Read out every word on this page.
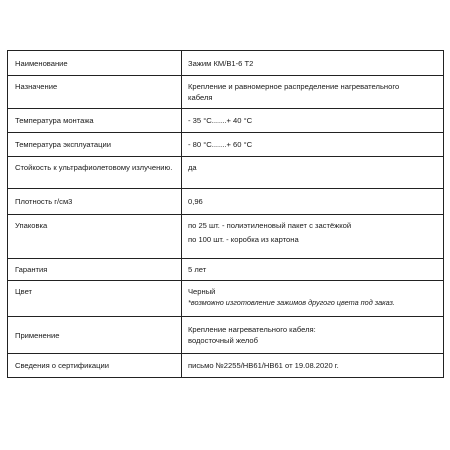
Наименование	Зажим КМ/В1-6 Т2

Назначение	Крепление и равномерное распределение нагревательного
кабеля

Температура монтажа	- 35 °С.......+ 40 °С

Температура эксплуатации	- 80 °С.......+ 60 °С

Стойкость к ультрафиолетовому излучению.	да

Плотность г/см3	0,96

Упаковка	по 25 шт. - полиэтиленовый пакет с застёжкой
по 100 шт. - коробка из картона

Гарантия	5 лет

Цвет	Черный
*возможно изготовление зажимов другого цвета под заказ.

Применение	Крепление нагревательного кабеля:
водосточный желоб

Сведения о сертификации	письмо №2255/НВ61/НВ61 от 19.08.2020 г.
